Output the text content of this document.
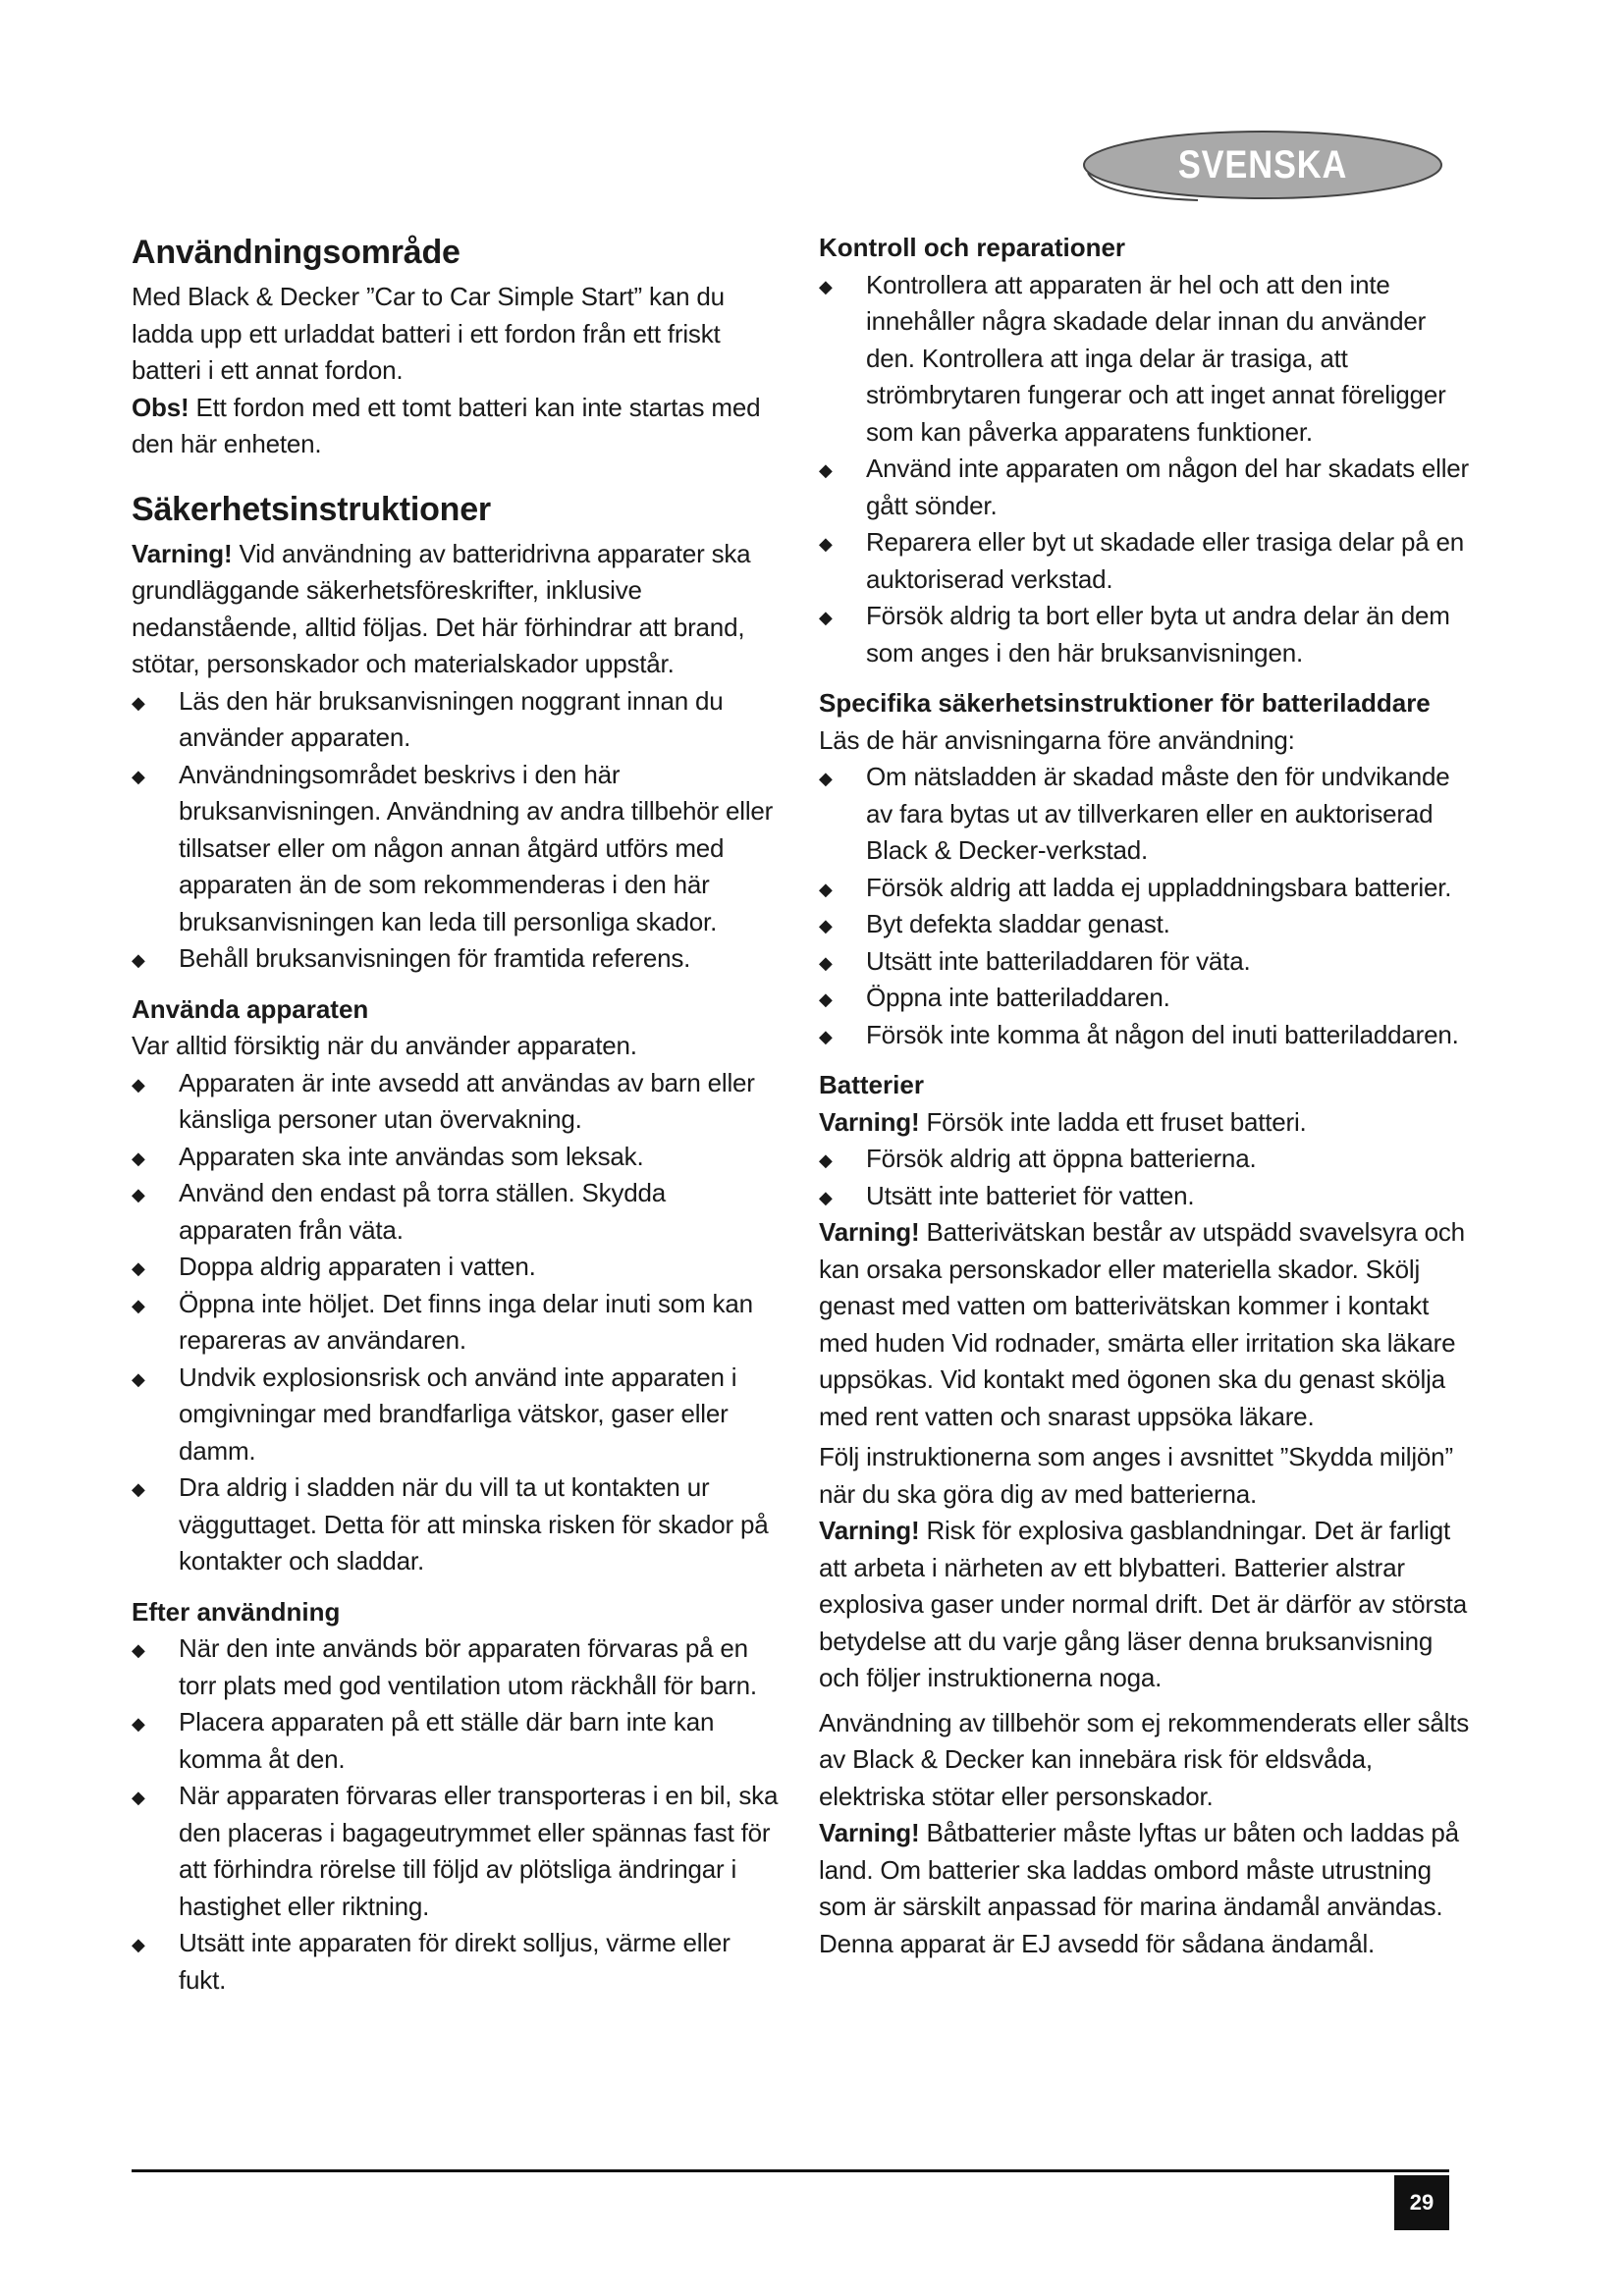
SVENSKA
Användningsområde

Med Black & Decker ”Car to Car Simple Start” kan du ladda upp ett urladdat batteri i ett fordon från ett friskt batteri i ett annat fordon.

Obs! Ett fordon med ett tomt batteri kan inte startas med den här enheten.

Säkerhetsinstruktioner

Varning! Vid användning av batteridrivna apparater ska grundläggande säkerhetsföreskrifter, inklusive nedanstående, alltid följas. Det här förhindrar att brand, stötar, personskador och materialskador uppstår.

◆	Läs den här bruksanvisningen noggrant innan du använder apparaten.
◆	Användningsområdet beskrivs i den här bruksanvisningen. Användning av andra tillbehör eller tillsatser eller om någon annan åtgärd utförs med apparaten än de som rekommenderas i den här bruksanvisningen kan leda till personliga skador.
◆	Behåll bruksanvisningen för framtida referens.
Använda apparaten

Var alltid försiktig när du använder apparaten.

◆	Apparaten är inte avsedd att användas av barn eller känsliga personer utan övervakning.
◆	Apparaten ska inte användas som leksak.
◆	Använd den endast på torra ställen. Skydda apparaten från väta.
◆	Doppa aldrig apparaten i vatten.
◆	Öppna inte höljet. Det finns inga delar inuti som kan repareras av användaren.
◆	Undvik explosionsrisk och använd inte apparaten i omgivningar med brandfarliga vätskor, gaser eller damm.
◆	Dra aldrig i sladden när du vill ta ut kontakten ur vägguttaget. Detta för att minska risken för skador på kontakter och sladdar.
Efter användning
◆	När den inte används bör apparaten förvaras på en torr plats med god ventilation utom räckhåll för barn.
◆	Placera apparaten på ett ställe där barn inte kan komma åt den.
◆	När apparaten förvaras eller transporteras i en bil, ska den placeras i bagageutrymmet eller spännas fast för att förhindra rörelse till följd av plötsliga ändringar i hastighet eller riktning.
◆	Utsätt inte apparaten för direkt solljus, värme eller fukt.
Kontroll och reparationer
◆	Kontrollera att apparaten är hel och att den inte innehåller några skadade delar innan du använder den. Kontrollera att inga delar är trasiga, att strömbrytaren fungerar och att inget annat föreligger som kan påverka apparatens funktioner.
◆	Använd inte apparaten om någon del har skadats eller gått sönder.
◆	Reparera eller byt ut skadade eller trasiga delar på en auktoriserad verkstad.
◆	Försök aldrig ta bort eller byta ut andra delar än dem som anges i den här bruksanvisningen.
Specifika säkerhetsinstruktioner för batteriladdare

Läs de här anvisningarna före användning:

◆	Om nätsladden är skadad måste den för undvikande av fara bytas ut av tillverkaren eller en auktoriserad Black & Decker-verkstad.
◆	Försök aldrig att ladda ej uppladdningsbara batterier.
◆	Byt defekta sladdar genast.
◆	Utsätt inte batteriladdaren för väta.
◆	Öppna inte batteriladdaren.
◆	Försök inte komma åt någon del inuti batteriladdaren.
Batterier

Varning! Försök inte ladda ett fruset batteri.

◆	Försök aldrig att öppna batterierna.
◆	Utsätt inte batteriet för vatten.

Varning! Batterivätskan består av utspädd svavelsyra och kan orsaka personskador eller materiella skador. Skölj genast med vatten om batterivätskan kommer i kontakt med huden Vid rodnader, smärta eller irritation ska läkare uppsökas. Vid kontakt med ögonen ska du genast skölja med rent vatten och snarast uppsöka läkare.

Följ instruktionerna som anges i avsnittet ”Skydda miljön” när du ska göra dig av med batterierna.

Varning! Risk för explosiva gasblandningar. Det är farligt att arbeta i närheten av ett blybatteri. Batterier alstrar explosiva gaser under normal drift. Det är därför av största betydelse att du varje gång läser denna bruksanvisning och följer instruktionerna noga.

Användning av tillbehör som ej rekommenderats eller sålts av Black & Decker kan innebära risk för eldsvåda, elektriska stötar eller personskador.

Varning! Båtbatterier måste lyftas ur båten och laddas på land. Om batterier ska laddas ombord måste utrustning som är särskilt anpassad för marina ändamål användas. Denna apparat är EJ avsedd för sådana ändamål.

29
